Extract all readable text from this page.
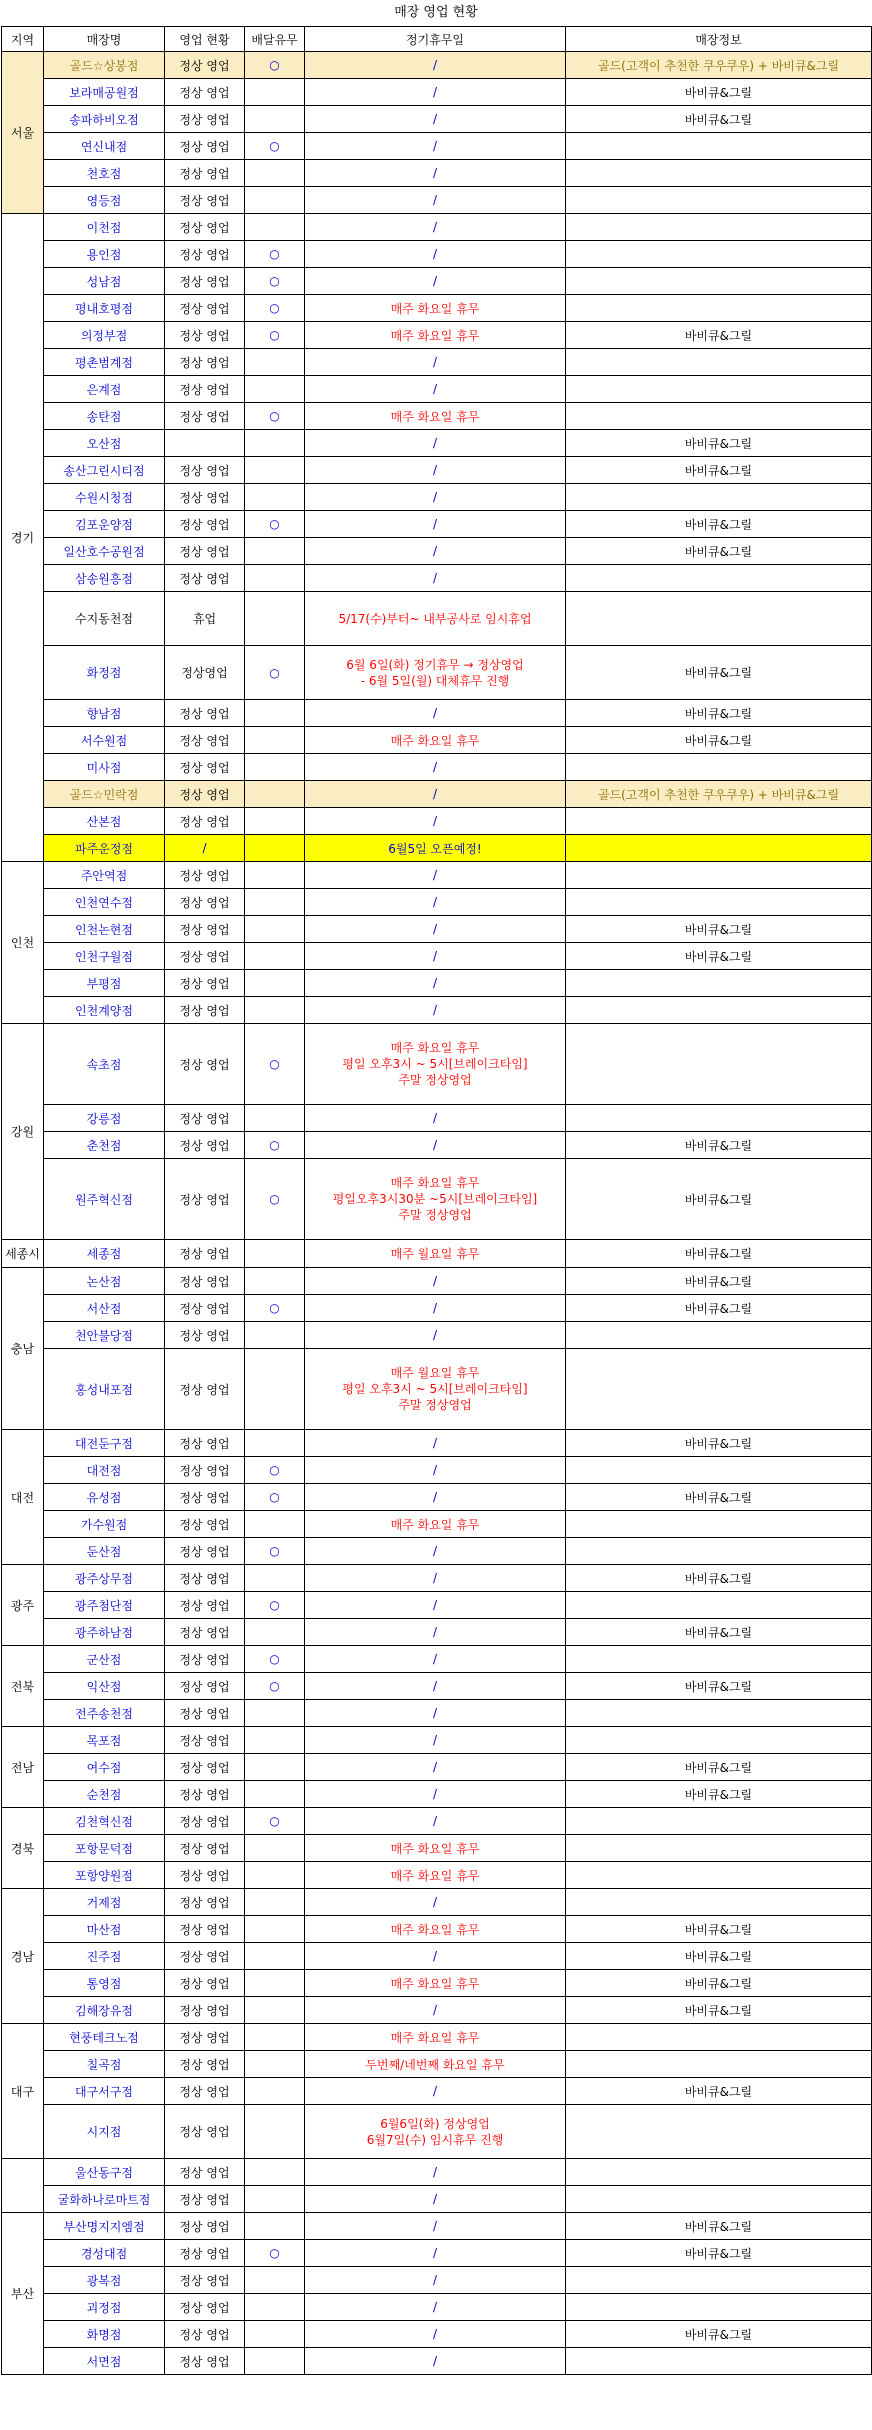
매장 영업 현황
지역	매장명	영업 현황	배달유무	정기휴무일	매장정보
서울	골드☆상봉점	정상 영업	○	/	골드(고객이 추천한 쿠우쿠우) + 바비큐&그릴
	보라매공원점	정상 영업		/	바비큐&그릴
	송파하비오점	정상 영업		/	바비큐&그릴
	연신내점	정상 영업	○	/	
	천호점	정상 영업		/	
	영등점	정상 영업		/	
경기	이천점	정상 영업		/	
	용인점	정상 영업	○	/	
	성남점	정상 영업	○	/	
	평내호평점	정상 영업	○	매주 화요일 휴무	
	의정부점	정상 영업	○	매주 화요일 휴무	바비큐&그릴
	평촌범계점	정상 영업		/	
	은계점	정상 영업		/	
	송탄점	정상 영업	○	매주 화요일 휴무	
	오산점			/	바비큐&그릴
	송산그린시티점	정상 영업		/	바비큐&그릴
	수원시청점	정상 영업		/	
	김포운양점	정상 영업	○	/	바비큐&그릴
	일산호수공원점	정상 영업		/	바비큐&그릴
	삼송원흥점	정상 영업		/	
	수지동천점	휴업		5/17(수)부터~ 내부공사로 임시휴업	
	화정점	정상영업	○	6월 6일(화) 정기휴무 → 정상영업
- 6월 5일(월) 대체휴무 진행	바비큐&그릴
	향남점	정상 영업		/	바비큐&그릴
	서수원점	정상 영업		매주 화요일 휴무	바비큐&그릴
	미사점	정상 영업		/	
	골드☆민락점	정상 영업		/	골드(고객이 추천한 쿠우쿠우) + 바비큐&그릴
	산본점	정상 영업		/	
	파주운정점	/		6월5일 오픈예정!	
인천	주안역점	정상 영업		/	
	인천연수점	정상 영업		/	
	인천논현점	정상 영업		/	바비큐&그릴
	인천구월점	정상 영업		/	바비큐&그릴
	부평점	정상 영업		/	
	인천계양점	정상 영업		/	
강원	속초점	정상 영업	○	매주 화요일 휴무
평일 오후3시 ~ 5시[브레이크타임]
주말 정상영업	
	강릉점	정상 영업		/	
	춘천점	정상 영업	○	/	바비큐&그릴
	원주혁신점	정상 영업	○	매주 화요일 휴무
평일오후3시30분 ~5시[브레이크타임]
주말 정상영업	바비큐&그릴
세종시	세종점	정상 영업		매주 월요일 휴무	바비큐&그릴
충남	논산점	정상 영업		/	바비큐&그릴
	서산점	정상 영업	○	/	바비큐&그릴
	천안불당점	정상 영업		/	
	홍성내포점	정상 영업		매주 월요일 휴무
평일 오후3시 ~ 5시[브레이크타임]
주말 정상영업	
대전	대전둔구점	정상 영업		/	바비큐&그릴
	대전점	정상 영업	○	/	
	유성점	정상 영업	○	/	바비큐&그릴
	가수원점	정상 영업		매주 화요일 휴무	
	둔산점	정상 영업	○	/	
광주	광주상무점	정상 영업		/	바비큐&그릴
	광주첨단점	정상 영업	○	/	
	광주하남점	정상 영업		/	바비큐&그릴
전북	군산점	정상 영업	○	/	
	익산점	정상 영업	○	/	바비큐&그릴
	전주송천점	정상 영업		/	
전남	목포점	정상 영업		/	
	여수점	정상 영업		/	바비큐&그릴
	순천점	정상 영업		/	바비큐&그릴
경북	김천혁신점	정상 영업	○	/	
	포항문덕점	정상 영업		매주 화요일 휴무	
	포항양원점	정상 영업		매주 화요일 휴무	
경남	거제점	정상 영업		/	
	마산점	정상 영업		매주 화요일 휴무	바비큐&그릴
	진주점	정상 영업		/	바비큐&그릴
	통영점	정상 영업		매주 화요일 휴무	바비큐&그릴
	김해장유점	정상 영업		/	바비큐&그릴
대구	현풍테크노점	정상 영업		매주 화요일 휴무	
	칠곡점	정상 영업		두번째/네번째 화요일 휴무	
	대구서구점	정상 영업		/	바비큐&그릴
	시지점	정상 영업		6월6일(화) 정상영업
6월7일(수) 임시휴무 진행	
	울산동구점	정상 영업		/	
	굴화하나로마트점	정상 영업		/	
부산	부산명지지엠점	정상 영업		/	바비큐&그릴
	경성대점	정상 영업	○	/	바비큐&그릴
	광복점	정상 영업		/	
	괴정점	정상 영업		/	
	화명점	정상 영업		/	바비큐&그릴
	서면점	정상 영업		/	
